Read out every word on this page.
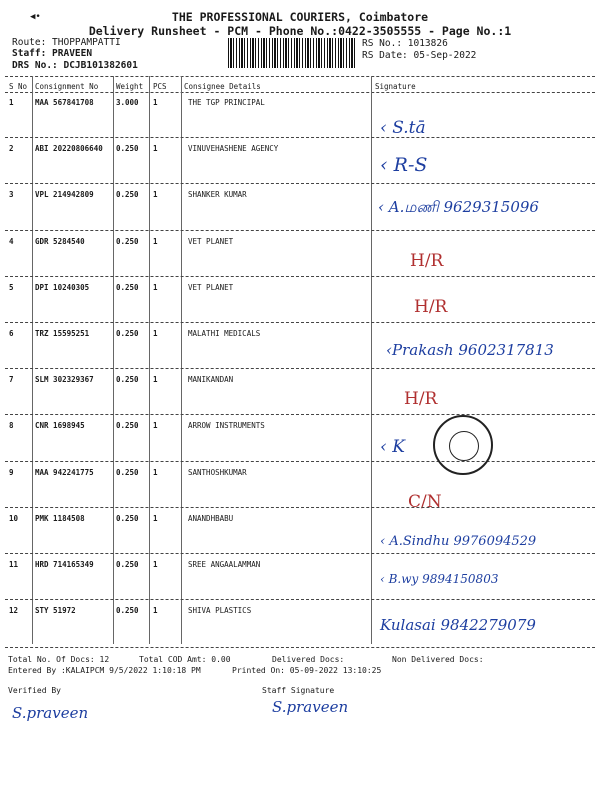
◀•	THE PROFESSIONAL COURIERS, Coimbatore
Delivery Runsheet - PCM - Phone No.:0422-3505555 - Page No.:1
Route: THOPPAMPATTI
Staff: PRAVEEN
DRS No.: DCJB101382601
RS No.: 1013826
RS Date: 05-Sep-2022
S No Consignment No Weight PCS Consignee Details	Signature
1	MAA 567841708	3.000 1	THE TGP PRINCIPAL
‹ S.tā
2	ABI 20220806640 0.250 1	VINUVEHASHENE AGENCY
‹ R-S
3	VPL 214942809	0.250 1	SHANKER KUMAR
‹ A.மணி 9629315096
4	GDR 5284540	0.250 1	VET PLANET
H/R
5	DPI 10240305	0.250 1	VET PLANET
H/R
6	TRZ 15595251	0.250 1	MALATHI MEDICALS
‹Prakash 9602317813
7	SLM 302329367	0.250 1	MANIKANDAN
H/R
8	CNR 1698945	0.250 1	ARROW INSTRUMENTS
‹ K
9	MAA 942241775	0.250 1	SANTHOSHKUMAR
C/N
10 PMK 1184508	0.250 1	ANANDHBABU
‹ A.Sindhu 9976094529
11 HRD 714165349	0.250 1	SREE ANGAALAMMAN
‹ B.wy 9894150803
12 STY 51972	0.250 1	SHIVA PLASTICS
Kulasai 9842279079
Total No. Of Docs: 12	Total COD Amt: 0.00	Delivered Docs:	Non Delivered Docs:
Entered By :KALAIPCM 9/5/2022 1:10:18 PM	Printed On: 05-09-2022 13:10:25
Verified By	Staff Signature
S.praveen	S.praveen
